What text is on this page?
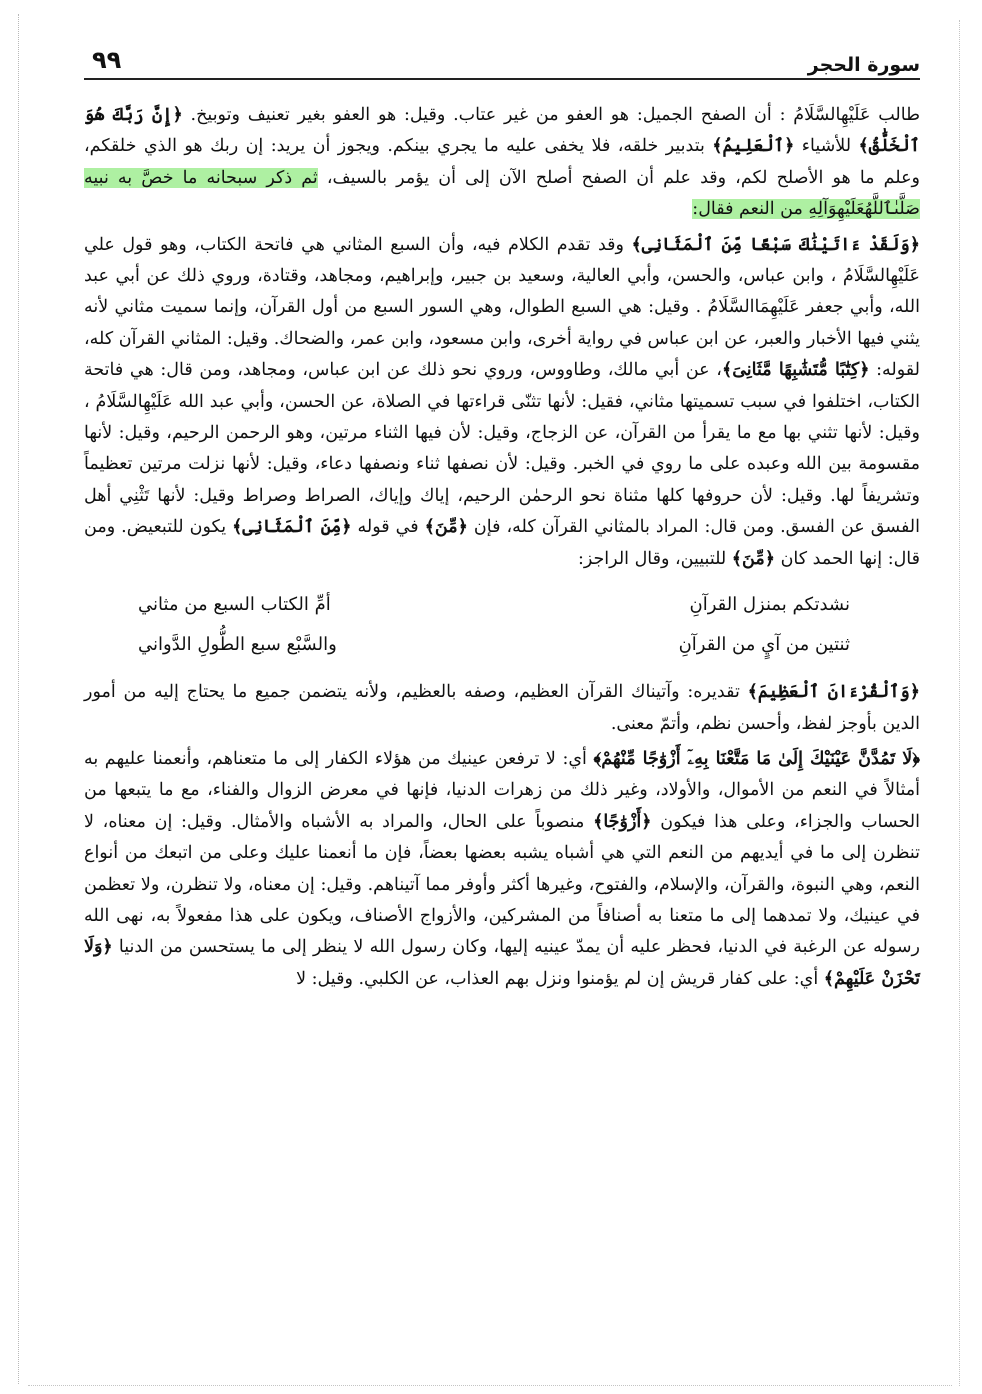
سورة الحجر
٩٩

طالب عَلَيْهِالسَّلَامُ : أن الصفح الجميل: هو العفو من غير عتاب. وقيل: هو العفو بغير تعنيف وتوبيخ. ﴿إِنَّ رَبَّكَ هُوَ ٱلْخَلَّٰقُ﴾ للأشياء ﴿ٱلْعَلِيمُ﴾ بتدبير خلقه، فلا يخفى عليه ما يجري بينكم. ويجوز أن يريد: إن ربك هو الذي خلقكم، وعلم ما هو الأصلح لكم، وقد علم أن الصفح أصلح الآن إلى أن يؤمر بالسيف، ثم ذكر سبحانه ما خصَّ به نبيه صَلَّىٰٱللَّهُعَلَيْهِوَآلِهِ من النعم فقال:

﴿وَلَقَدْ ءَاتَيْنَٰكَ سَبْعًا مِّنَ ٱلْمَثَانِى﴾ وقد تقدم الكلام فيه، وأن السبع المثاني هي فاتحة الكتاب، وهو قول علي عَلَيْهِالسَّلَامُ ، وابن عباس، والحسن، وأبي العالية، وسعيد بن جبير، وإبراهيم، ومجاهد، وقتادة، وروي ذلك عن أبي عبد الله، وأبي جعفر عَلَيْهِمَاالسَّلَامُ . وقيل: هي السبع الطوال، وهي السور السبع من أول القرآن، وإنما سميت مثاني لأنه يثني فيها الأخبار والعبر، عن ابن عباس في رواية أخرى، وابن مسعود، وابن عمر، والضحاك. وقيل: المثاني القرآن كله، لقوله: ﴿كِتَٰبًا مُّتَشَٰبِهًا مَّثَانِىَ﴾، عن أبي مالك، وطاووس، وروي نحو ذلك عن ابن عباس، ومجاهد، ومن قال: هي فاتحة الكتاب، اختلفوا في سبب تسميتها مثاني، فقيل: لأنها تثنّى قراءتها في الصلاة، عن الحسن، وأبي عبد الله عَلَيْهِالسَّلَامُ ، وقيل: لأنها تثني بها مع ما يقرأ من القرآن، عن الزجاج، وقيل: لأن فيها الثناء مرتين، وهو الرحمن الرحيم، وقيل: لأنها مقسومة بين الله وعبده على ما روي في الخبر. وقيل: لأن نصفها ثناء ونصفها دعاء، وقيل: لأنها نزلت مرتين تعظيماً وتشريفاً لها. وقيل: لأن حروفها كلها مثناة نحو الرحمٰن الرحيم، إياك وإياك، الصراط وصراط وقيل: لأنها تَثْنِي أهل الفسق عن الفسق. ومن قال: المراد بالمثاني القرآن كله، فإن ﴿مِّنَ﴾ في قوله ﴿مِّنَ ٱلْمَثَانِى﴾ يكون للتبعيض. ومن قال: إنها الحمد كان ﴿مِّنَ﴾ للتبيين، وقال الراجز:

نشدتكم بمنزل القرآنِ
أمِّ الكتاب السبع من مثاني
ثنتين من آيٍ من القرآنِ
والسَّبْع سبع الطُّولِ الدَّواني

﴿وَٱلْقُرْءَانَ ٱلْعَظِيمَ﴾ تقديره: وآتيناك القرآن العظيم، وصفه بالعظيم، ولأنه يتضمن جميع ما يحتاج إليه من أمور الدين بأوجز لفظ، وأحسن نظم، وأتمّ معنى.

﴿لَا تَمُدَّنَّ عَيْنَيْكَ إِلَىٰ مَا مَتَّعْنَا بِهِۦٓ أَزْوَٰجًا مِّنْهُمْ﴾ أي: لا ترفعن عينيك من هؤلاء الكفار إلى ما متعناهم، وأنعمنا عليهم به أمثالاً في النعم من الأموال، والأولاد، وغير ذلك من زهرات الدنيا، فإنها في معرض الزوال والفناء، مع ما يتبعها من الحساب والجزاء، وعلى هذا فيكون ﴿أَزْوَٰجًا﴾ منصوباً على الحال، والمراد به الأشباه والأمثال. وقيل: إن معناه، لا تنظرن إلى ما في أيديهم من النعم التي هي أشباه يشبه بعضها بعضاً، فإن ما أنعمنا عليك وعلى من اتبعك من أنواع النعم، وهي النبوة، والقرآن، والإسلام، والفتوح، وغيرها أكثر وأوفر مما آتيناهم. وقيل: إن معناه، ولا تنظرن، ولا تعظمن في عينيك، ولا تمدهما إلى ما متعنا به أصنافاً من المشركين، والأزواج الأصناف، ويكون على هذا مفعولاً به، نهى الله رسوله عن الرغبة في الدنيا، فحظر عليه أن يمدّ عينيه إليها، وكان رسول الله لا ينظر إلى ما يستحسن من الدنيا ﴿وَلَا تَحْزَنْ عَلَيْهِمْ﴾ أي: على كفار قريش إن لم يؤمنوا ونزل بهم العذاب، عن الكلبي. وقيل: لا
